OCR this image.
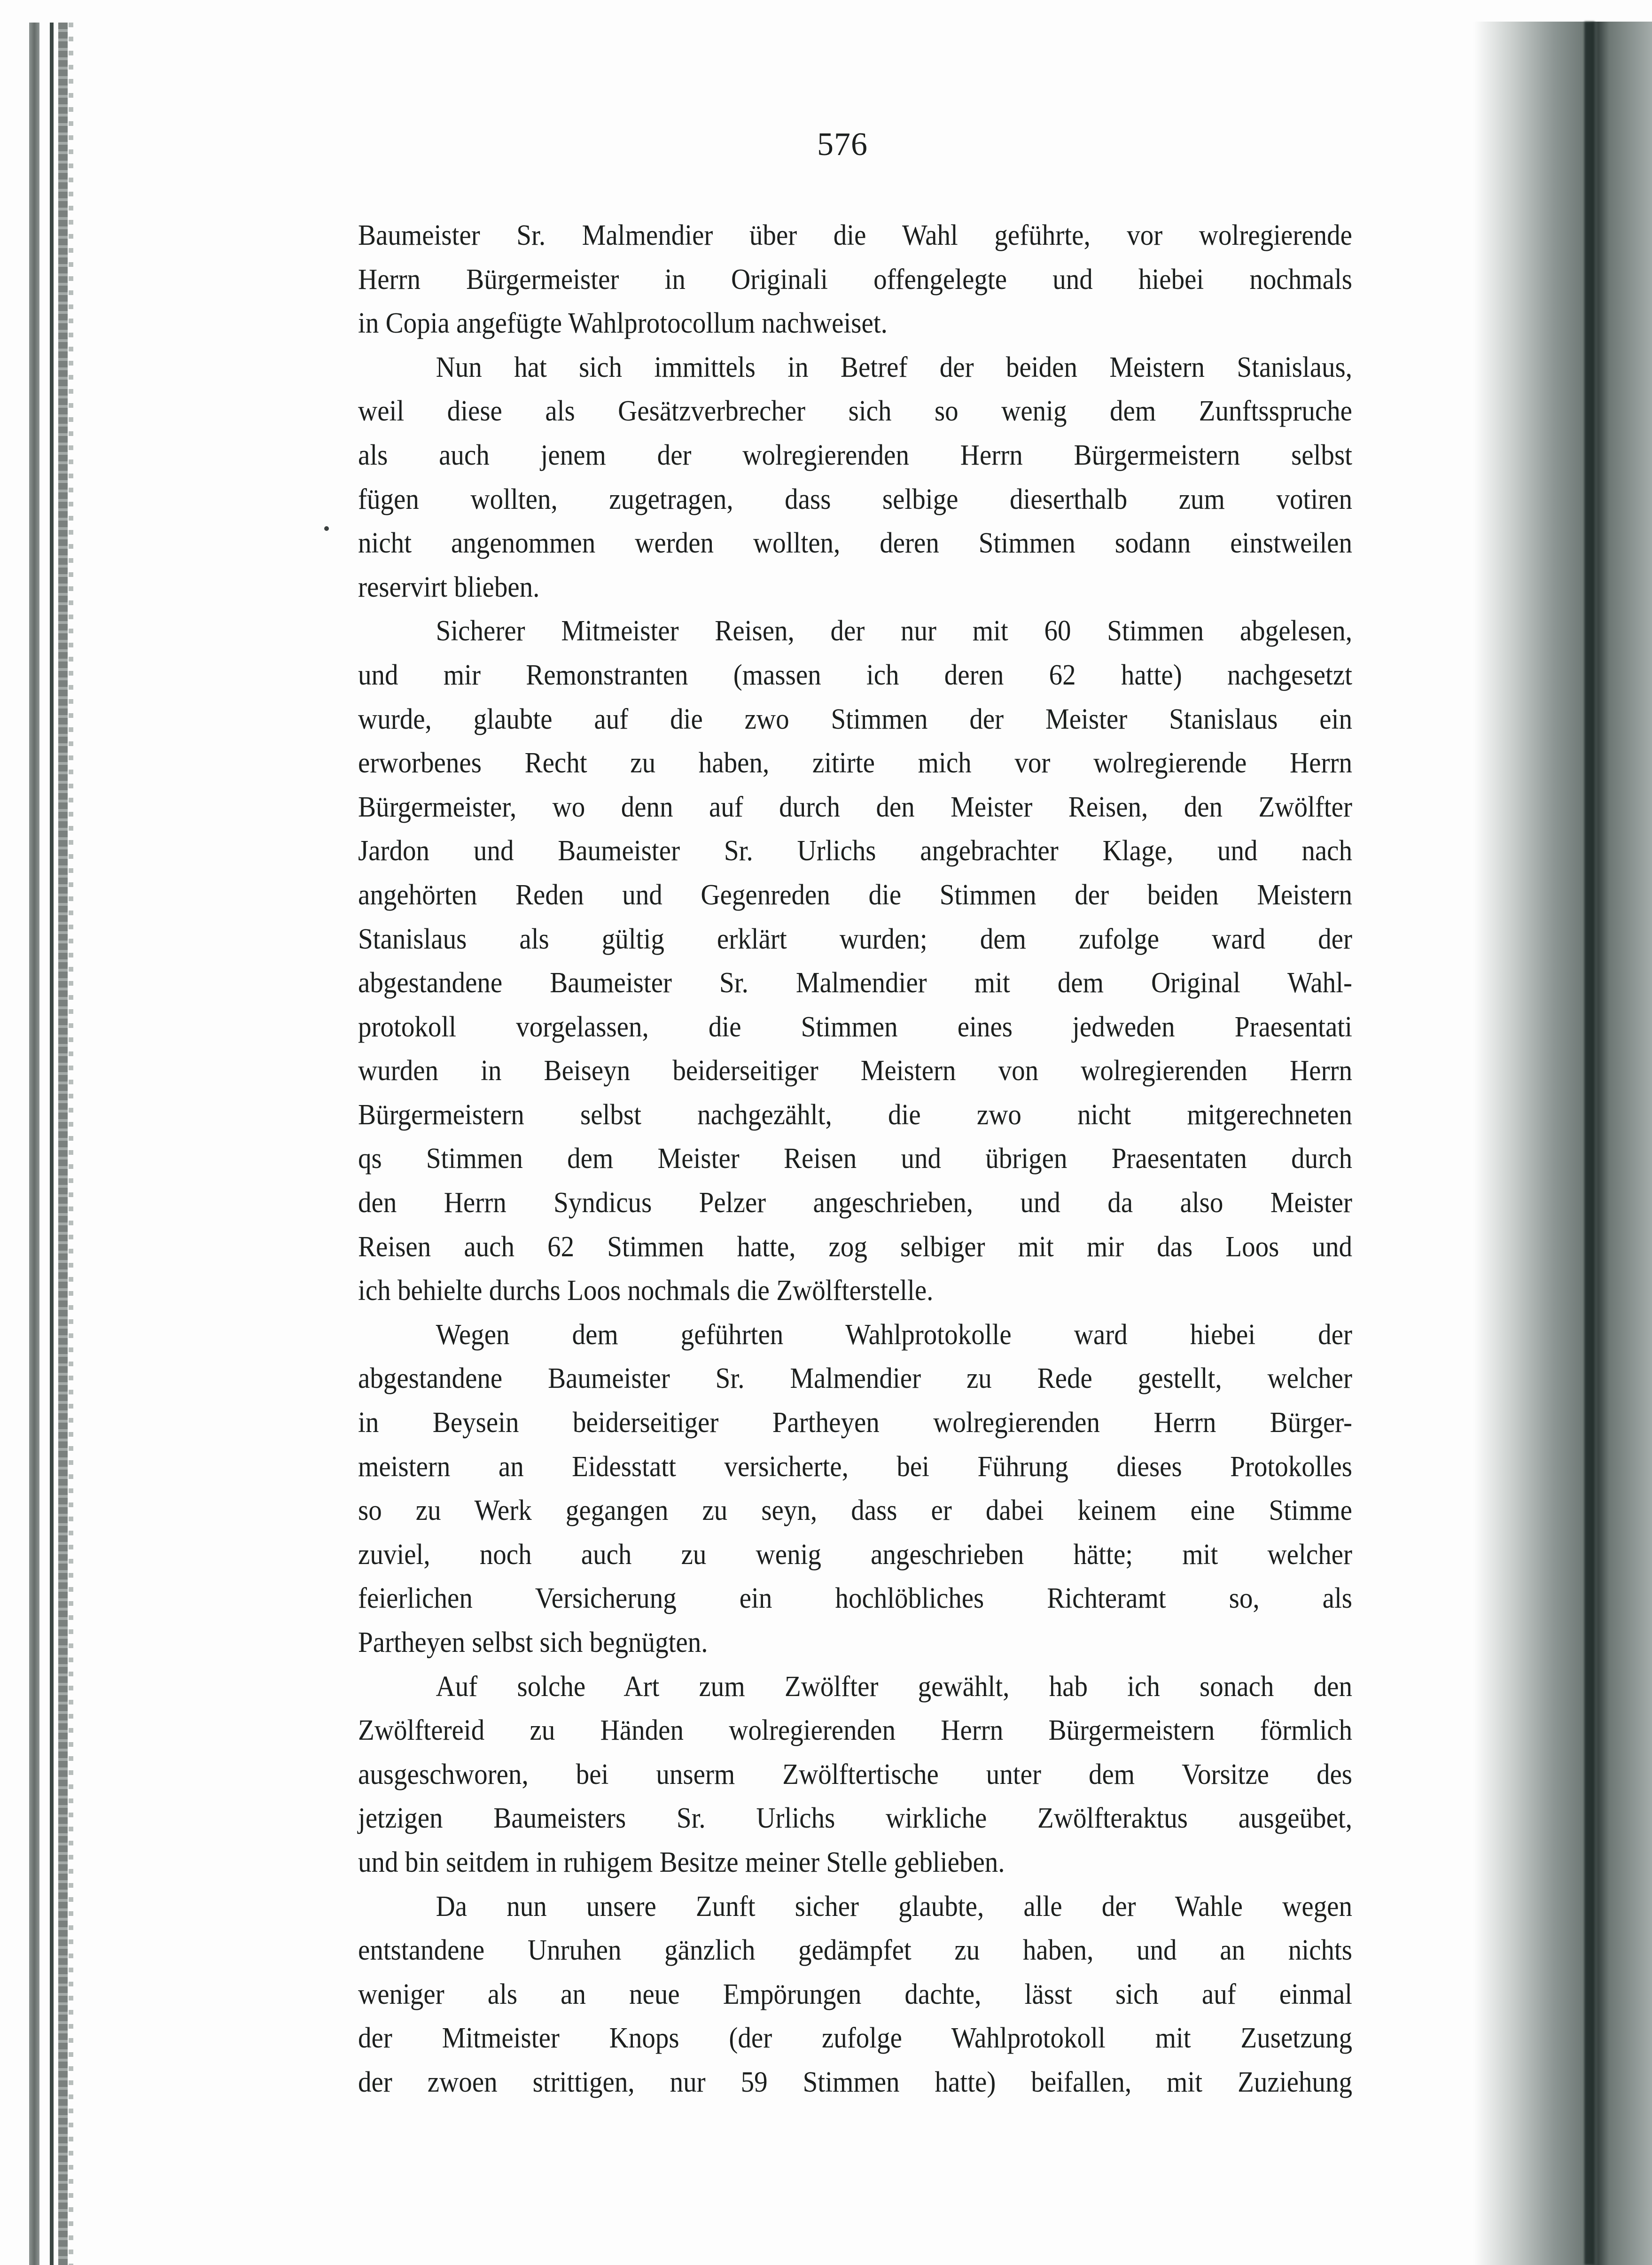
576
Baumeister Sr. Malmendier über die Wahl geführte, vor wolregierende
Herrn Bürgermeister in Originali offengelegte und hiebei nochmals
in Copia angefügte Wahlprotocollum nachweiset.
Nun hat sich immittels in Betref der beiden Meistern Stanislaus,
weil diese als Gesätzverbrecher sich so wenig dem Zunftsspruche
als auch jenem der wolregierenden Herrn Bürgermeistern selbst
fügen wollten, zugetragen, dass selbige dieserthalb zum votiren
nicht angenommen werden wollten, deren Stimmen sodann einstweilen
reservirt blieben.
Sicherer Mitmeister Reisen, der nur mit 60 Stimmen abgelesen,
und mir Remonstranten (massen ich deren 62 hatte) nachgesetzt
wurde, glaubte auf die zwo Stimmen der Meister Stanislaus ein
erworbenes Recht zu haben, zitirte mich vor wolregierende Herrn
Bürgermeister, wo denn auf durch den Meister Reisen, den Zwölfter
Jardon und Baumeister Sr. Urlichs angebrachter Klage, und nach
angehörten Reden und Gegenreden die Stimmen der beiden Meistern
Stanislaus als gültig erklärt wurden; dem zufolge ward der
abgestandene Baumeister Sr. Malmendier mit dem Original Wahl-
protokoll vorgelassen, die Stimmen eines jedweden Praesentati
wurden in Beiseyn beiderseitiger Meistern von wolregierenden Herrn
Bürgermeistern selbst nachgezählt, die zwo nicht mitgerechneten
qs Stimmen dem Meister Reisen und übrigen Praesentaten durch
den Herrn Syndicus Pelzer angeschrieben, und da also Meister
Reisen auch 62 Stimmen hatte, zog selbiger mit mir das Loos und
ich behielte durchs Loos nochmals die Zwölfterstelle.
Wegen dem geführten Wahlprotokolle ward hiebei der
abgestandene Baumeister Sr. Malmendier zu Rede gestellt, welcher
in Beysein beiderseitiger Partheyen wolregierenden Herrn Bürger-
meistern an Eidesstatt versicherte, bei Führung dieses Protokolles
so zu Werk gegangen zu seyn, dass er dabei keinem eine Stimme
zuviel, noch auch zu wenig angeschrieben hätte; mit welcher
feierlichen Versicherung ein hochlöbliches Richteramt so, als
Partheyen selbst sich begnügten.
Auf solche Art zum Zwölfter gewählt, hab ich sonach den
Zwölftereid zu Händen wolregierenden Herrn Bürgermeistern förmlich
ausgeschworen, bei unserm Zwölftertische unter dem Vorsitze des
jetzigen Baumeisters Sr. Urlichs wirkliche Zwölfteraktus ausgeübet,
und bin seitdem in ruhigem Besitze meiner Stelle geblieben.
Da nun unsere Zunft sicher glaubte, alle der Wahle wegen
entstandene Unruhen gänzlich gedämpfet zu haben, und an nichts
weniger als an neue Empörungen dachte, lässt sich auf einmal
der Mitmeister Knops (der zufolge Wahlprotokoll mit Zusetzung
der zwoen strittigen, nur 59 Stimmen hatte) beifallen, mit Zuziehung
